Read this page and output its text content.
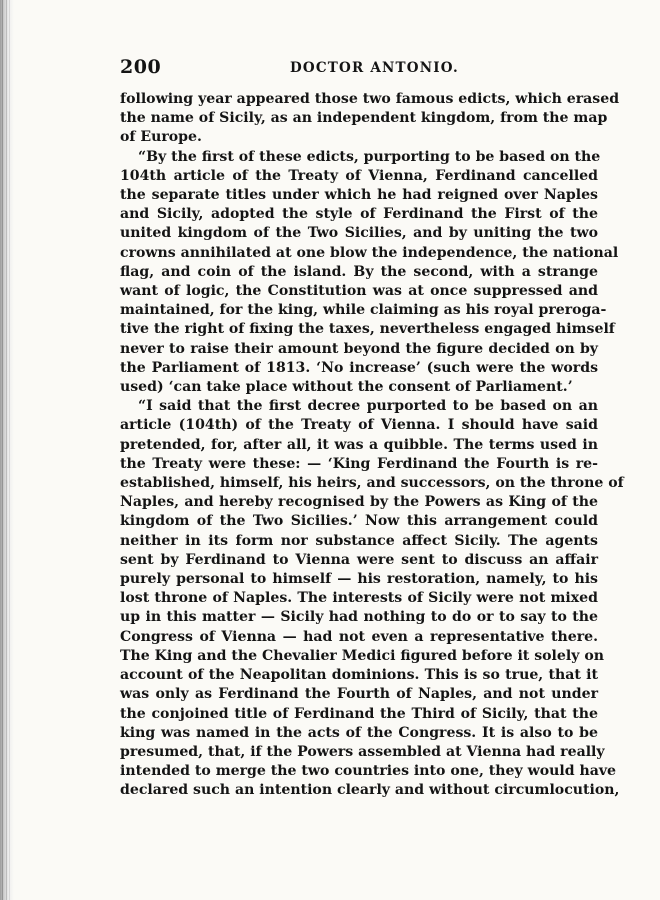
200	DOCTOR ANTONIO.
following year appeared those two famous edicts, which erased
the name of Sicily, as an independent kingdom, from the map
of Europe.
“By the first of these edicts, purporting to be based on the
104th article of the Treaty of Vienna, Ferdinand cancelled
the separate titles under which he had reigned over Naples
and Sicily, adopted the style of Ferdinand the First of the
united kingdom of the Two Sicilies, and by uniting the two
crowns annihilated at one blow the independence, the national
flag, and coin of the island. By the second, with a strange
want of logic, the Constitution was at once suppressed and
maintained, for the king, while claiming as his royal preroga-
tive the right of fixing the taxes, nevertheless engaged himself
never to raise their amount beyond the figure decided on by
the Parliament of 1813. ‘No increase’ (such were the words
used) ‘can take place without the consent of Parliament.’
“I said that the first decree purported to be based on an
article (104th) of the Treaty of Vienna. I should have said
pretended, for, after all, it was a quibble. The terms used in
the Treaty were these: — ‘King Ferdinand the Fourth is re-
established, himself, his heirs, and successors, on the throne of
Naples, and hereby recognised by the Powers as King of the
kingdom of the Two Sicilies.’ Now this arrangement could
neither in its form nor substance affect Sicily. The agents
sent by Ferdinand to Vienna were sent to discuss an affair
purely personal to himself — his restoration, namely, to his
lost throne of Naples. The interests of Sicily were not mixed
up in this matter — Sicily had nothing to do or to say to the
Congress of Vienna — had not even a representative there.
The King and the Chevalier Medici figured before it solely on
account of the Neapolitan dominions. This is so true, that it
was only as Ferdinand the Fourth of Naples, and not under
the conjoined title of Ferdinand the Third of Sicily, that the
king was named in the acts of the Congress. It is also to be
presumed, that, if the Powers assembled at Vienna had really
intended to merge the two countries into one, they would have
declared such an intention clearly and without circumlocution,
